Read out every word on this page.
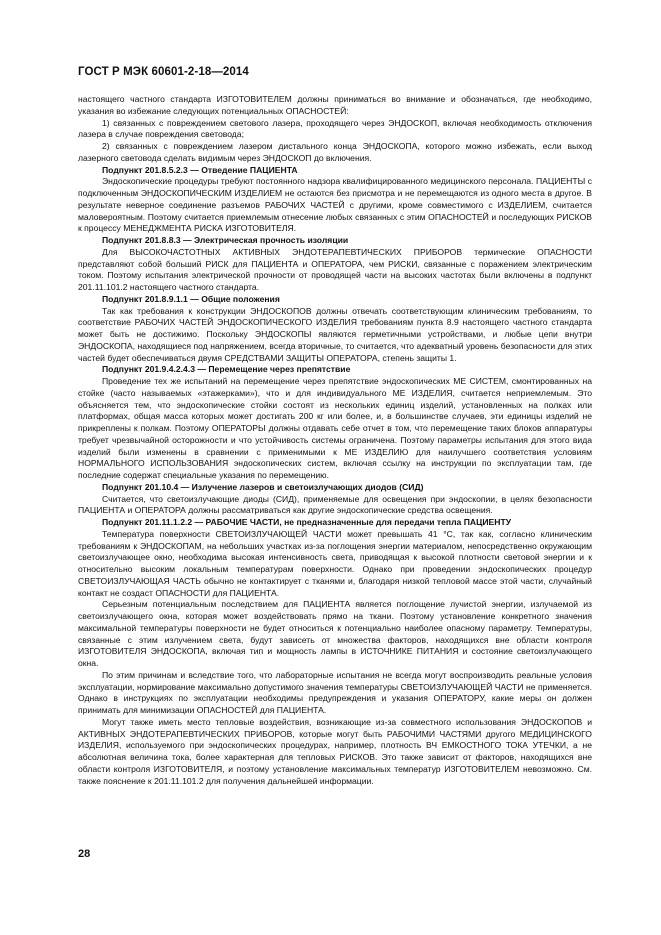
ГОСТ Р МЭК 60601-2-18—2014

настоящего частного стандарта ИЗГОТОВИТЕЛЕМ должны приниматься во внимание и обозначаться, где необходимо, указания во избежание следующих потенциальных ОПАСНОСТЕЙ:

1) связанных с повреждением светового лазера, проходящего через ЭНДОСКОП, включая необходимость отключения лазера в случае повреждения световода;

2) связанных с повреждением лазером дистального конца ЭНДОСКОПА, которого можно избежать, если выход лазерного световода сделать видимым через ЭНДОСКОП до включения.

Подпункт 201.8.5.2.3 — Отведение ПАЦИЕНТА

Эндоскопические процедуры требуют постоянного надзора квалифицированного медицинского персонала. ПАЦИЕНТЫ с подключенным ЭНДОСКОПИЧЕСКИМ ИЗДЕЛИЕМ не остаются без присмотра и не перемещаются из одного места в другое. В результате неверное соединение разъемов РАБОЧИХ ЧАСТЕЙ с другими, кроме совместимого с ИЗДЕЛИЕМ, считается маловероятным. Поэтому считается приемлемым отнесение любых связанных с этим ОПАСНОСТЕЙ и последующих РИСКОВ к процессу МЕНЕДЖМЕНТА РИСКА ИЗГОТОВИТЕЛЯ.

Подпункт 201.8.8.3 — Электрическая прочность изоляции

Для ВЫСОКОЧАСТОТНЫХ АКТИВНЫХ ЭНДОТЕРАПЕВТИЧЕСКИХ ПРИБОРОВ термические ОПАСНОСТИ представляют собой больший РИСК для ПАЦИЕНТА и ОПЕРАТОРА, чем РИСКИ, связанные с поражением электрическим током. Поэтому испытания электрической прочности от проводящей части на высоких частотах были включены в подпункт 201.11.101.2 настоящего частного стандарта.

Подпункт 201.8.9.1.1 — Общие положения

Так как требования к конструкции ЭНДОСКОПОВ должны отвечать соответствующим клиническим требованиям, то соответствие РАБОЧИХ ЧАСТЕЙ ЭНДОСКОПИЧЕСКОГО ИЗДЕЛИЯ требованиям пункта 8.9 настоящего частного стандарта может быть не достижимо. Поскольку ЭНДОСКОПЫ являются герметичными устройствами, и любые цепи внутри ЭНДОСКОПА, находящиеся под напряжением, всегда вторичные, то считается, что адекватный уровень безопасности для этих частей будет обеспечиваться двумя СРЕДСТВАМИ ЗАЩИТЫ ОПЕРАТОРА, степень защиты 1.

Подпункт 201.9.4.2.4.3 — Перемещение через препятствие

Проведение тех же испытаний на перемещение через препятствие эндоскопических МЕ СИСТЕМ, смонтированных на стойке (часто называемых «этажерками»), что и для индивидуального МЕ ИЗДЕЛИЯ, считается неприемлемым. Это объясняется тем, что эндоскопические стойки состоят из нескольких единиц изделий, установленных на полках или платформах, общая масса которых может достигать 200 кг или более, и, в большинстве случаев, эти единицы изделий не прикреплены к полкам. Поэтому ОПЕРАТОРЫ должны отдавать себе отчет в том, что перемещение таких блоков аппаратуры требует чрезвычайной осторожности и что устойчивость системы ограничена. Поэтому параметры испытания для этого вида изделий были изменены в сравнении с применимыми к МЕ ИЗДЕЛИЮ для наилучшего соответствия условиям НОРМАЛЬНОГО ИСПОЛЬЗОВАНИЯ эндоскопических систем, включая ссылку на инструкции по эксплуатации там, где последние содержат специальные указания по перемещению.

Подпункт 201.10.4 — Излучение лазеров и светоизлучающих диодов (СИД)

Считается, что светоизлучающие диоды (СИД), применяемые для освещения при эндоскопии, в целях безопасности ПАЦИЕНТА и ОПЕРАТОРА должны рассматриваться как другие эндоскопические средства освещения.

Подпункт 201.11.1.2.2 — РАБОЧИЕ ЧАСТИ, не предназначенные для передачи тепла ПАЦИЕНТУ

Температура поверхности СВЕТОИЗЛУЧАЮЩЕЙ ЧАСТИ может превышать 41 °С, так как, согласно клиническим требованиям к ЭНДОСКОПАМ, на небольших участках из-за поглощения энергии материалом, непосредственно окружающим светоизлучающее окно, необходима высокая интенсивность света, приводящая к высокой плотности световой энергии и к относительно высоким локальным температурам поверхности. Однако при проведении эндоскопических процедур СВЕТОИЗЛУЧАЮЩАЯ ЧАСТЬ обычно не контактирует с тканями и, благодаря низкой тепловой массе этой части, случайный контакт не создаст ОПАСНОСТИ для ПАЦИЕНТА.

Серьезным потенциальным последствием для ПАЦИЕНТА является поглощение лучистой энергии, излучаемой из светоизлучающего окна, которая может воздействовать прямо на ткани. Поэтому установление конкретного значения максимальной температуры поверхности не будет относиться к потенциально наиболее опасному параметру. Температуры, связанные с этим излучением света, будут зависеть от множества факторов, находящихся вне области контроля ИЗГОТОВИТЕЛЯ ЭНДОСКОПА, включая тип и мощность лампы в ИСТОЧНИКЕ ПИТАНИЯ и состояние светоизлучающего окна.

По этим причинам и вследствие того, что лабораторные испытания не всегда могут воспроизводить реальные условия эксплуатации, нормирование максимально допустимого значения температуры СВЕТОИЗЛУЧАЮЩЕЙ ЧАСТИ не применяется. Однако в инструкциях по эксплуатации необходимы предупреждения и указания ОПЕРАТОРУ, какие меры он должен принимать для минимизации ОПАСНОСТЕЙ для ПАЦИЕНТА.

Могут также иметь место тепловые воздействия, возникающие из-за совместного использования ЭНДОСКОПОВ и АКТИВНЫХ ЭНДОТЕРАПЕВТИЧЕСКИХ ПРИБОРОВ, которые могут быть РАБОЧИМИ ЧАСТЯМИ другого МЕДИЦИНСКОГО ИЗДЕЛИЯ, используемого при эндоскопических процедурах, например, плотность ВЧ ЕМКОСТНОГО ТОКА УТЕЧКИ, а не абсолютная величина тока, более характерная для тепловых РИСКОВ. Это также зависит от факторов, находящихся вне области контроля ИЗГОТОВИТЕЛЯ, и поэтому установление максимальных температур ИЗГОТОВИТЕЛЕМ невозможно. См. также пояснение к 201.11.101.2 для получения дальнейшей информации.

28
